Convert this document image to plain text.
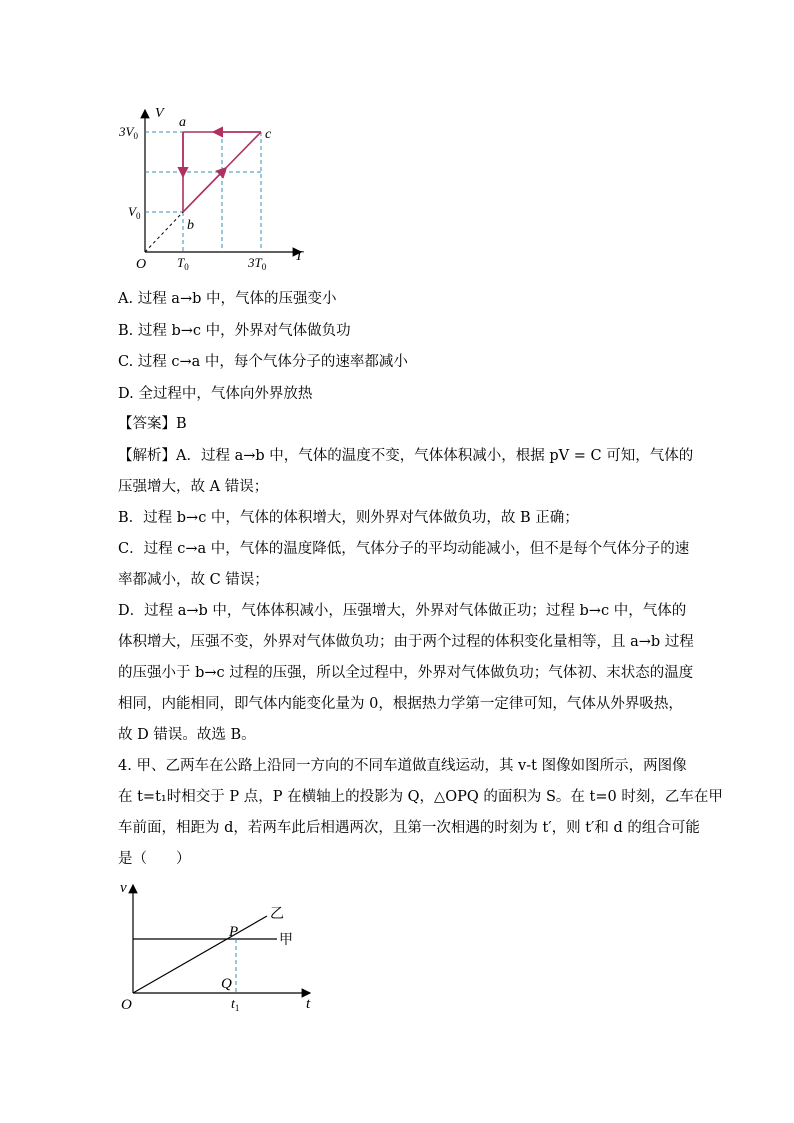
V
T
O
$3V_0$
$V_0$
$T_0$	$3T_0$
a
b
c
A. 过程 a→b 中，气体的压强变小
B. 过程 b→c 中，外界对气体做负功
C. 过程 c→a 中，每个气体分子的速率都减小
D. 全过程中，气体向外界放热
【答案】B
【解析】A．过程 a→b 中，气体的温度不变，气体体积减小，根据 pV = C 可知，气体的
压强增大，故 A 错误；
B．过程 b→c 中，气体的体积增大，则外界对气体做负功，故 B 正确；
C．过程 c→a 中，气体的温度降低，气体分子的平均动能减小，但不是每个气体分子的速
率都减小，故 C 错误；
D．过程 a→b 中，气体体积减小，压强增大，外界对气体做正功；过程 b→c 中，气体的
体积增大，压强不变，外界对气体做负功；由于两个过程的体积变化量相等，且 a→b 过程
的压强小于 b→c 过程的压强，所以全过程中，外界对气体做负功；气体初、末状态的温度
相同，内能相同，即气体内能变化量为 0，根据热力学第一定律可知，气体从外界吸热，
故 D 错误。故选 B。
4. 甲、乙两车在公路上沿同一方向的不同车道做直线运动，其 v-t 图像如图所示，两图像
在 t=t₁时相交于 P 点，P 在横轴上的投影为 Q，△OPQ 的面积为 S。在 t=0 时刻，乙车在甲
车前面，相距为 d，若两车此后相遇两次，且第一次相遇的时刻为 t′，则 t′和 d 的组合可能
是（　　）
v
t
O
P
Q
$t_1$
乙
甲
